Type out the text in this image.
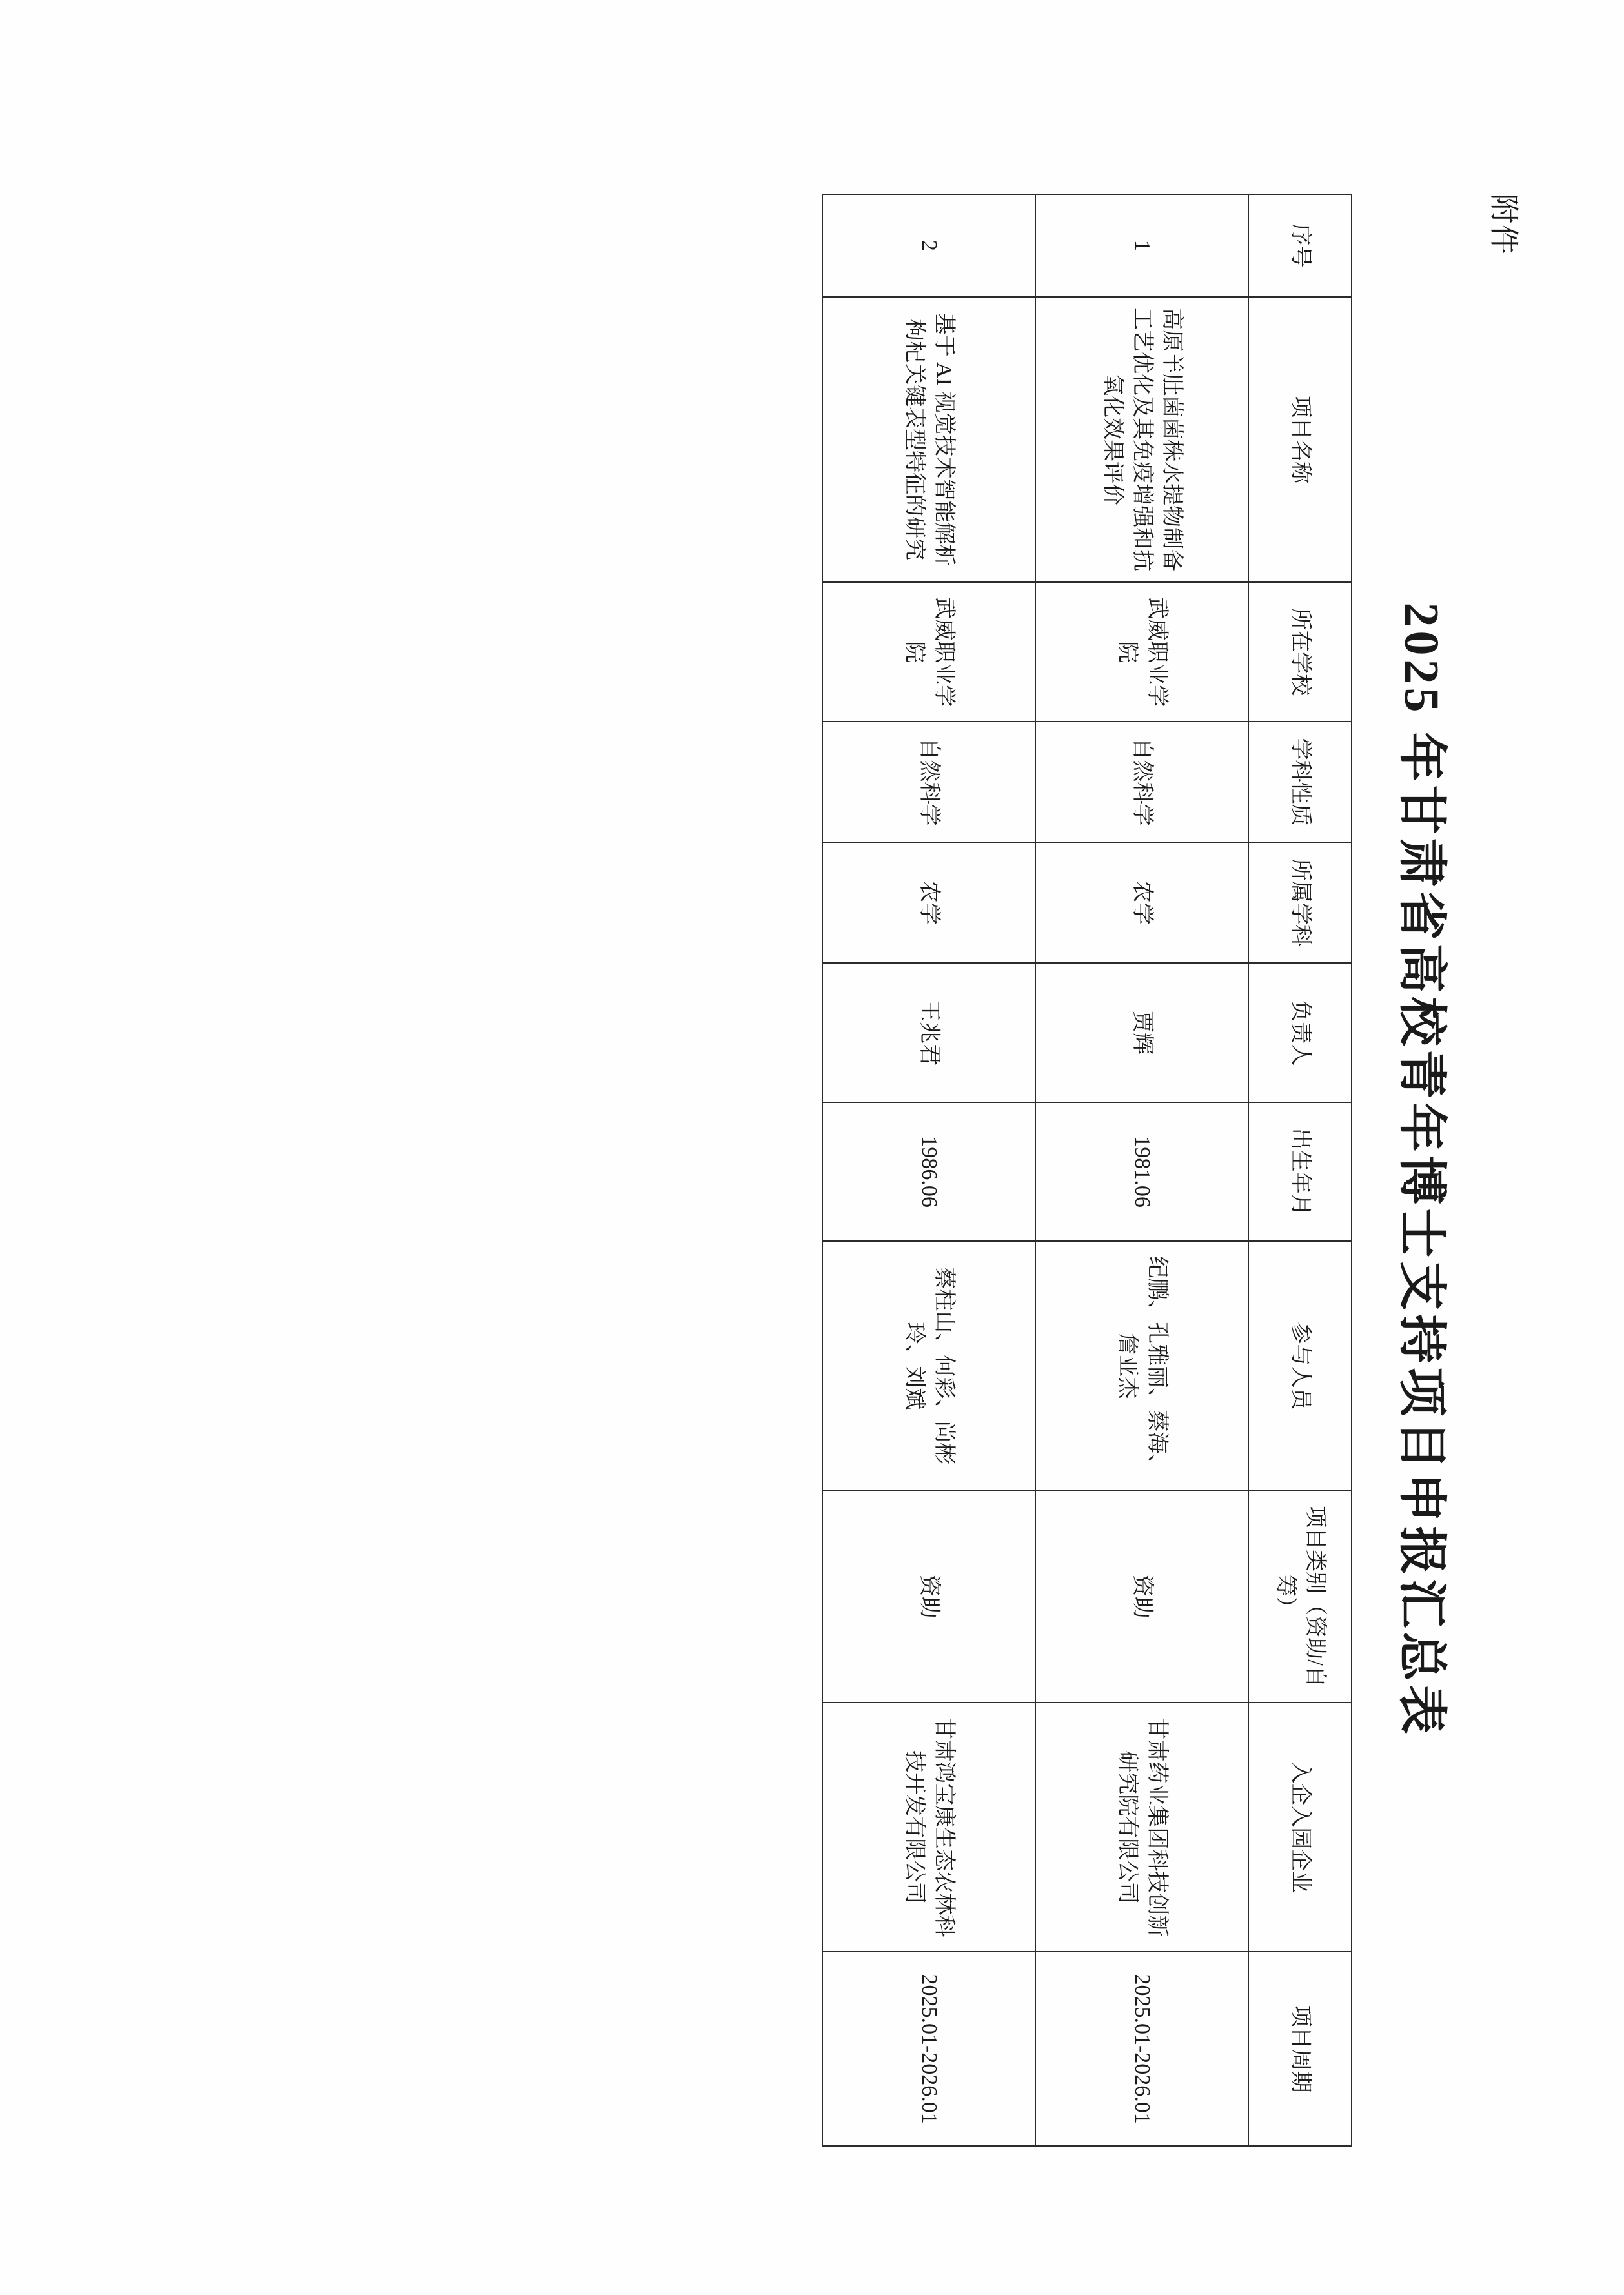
附件
2025 年甘肃省高校青年博士支持项目申报汇总表
序号	项目名称	所在学校	学科性质	所属学科	负责人	出生年月	参与人员	项目类别（资助/自筹）	入企入园企业	项目周期
1	高原羊肚菌菌株水提物制备工艺优化及其免疫增强和抗氧化效果评价	武威职业学院	自然科学	农学	贾辉	1981.06	纪鹏、孔雅丽、蔡海、詹亚杰	资助	甘肃药业集团科技创新研究院有限公司	2025.01-2026.01
2	基于 AI 视觉技术智能解析枸杞关键表型特征的研究	武威职业学院	自然科学	农学	王兆君	1986.06	蔡柱山、何彩、尚彬玲、刘斌	资助	甘肃鸿宝康生态农林科技开发有限公司	2025.01-2026.01
